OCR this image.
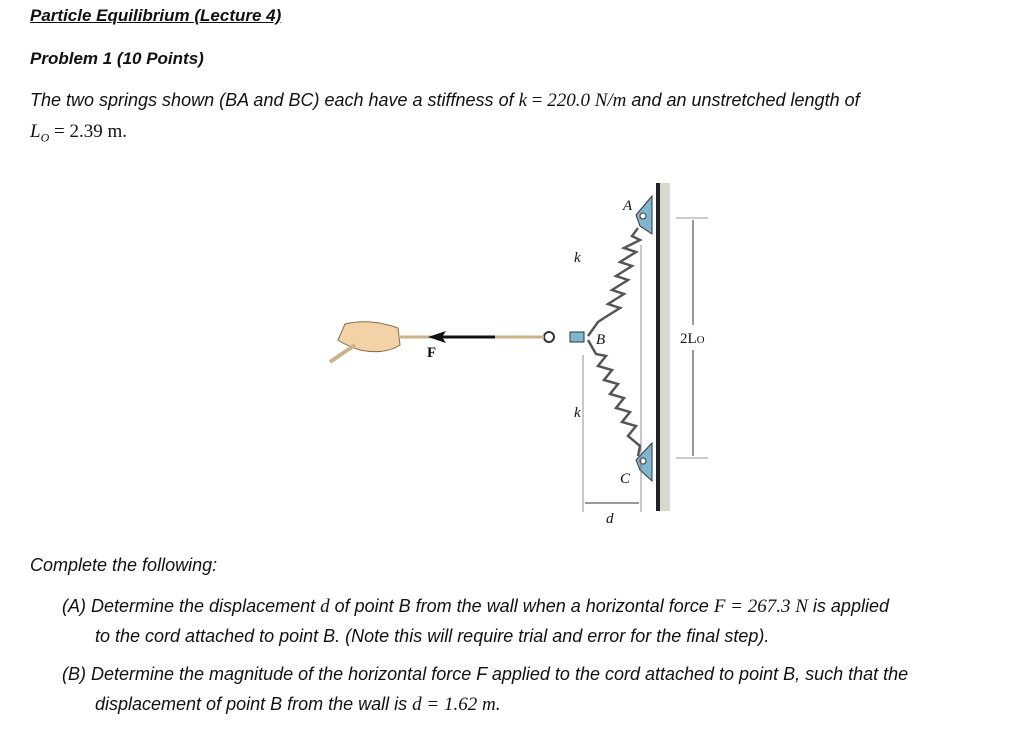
Particle Equilibrium (Lecture 4)
Problem 1 (10 Points)
The two springs shown (BA and BC) each have a stiffness of k = 220.0 N/m and an unstretched length of
$L_O = 2.39$ m.
A
B
C
k
k
d
2LO
F
Complete the following:
(A) Determine the displacement d of point B from the wall when a horizontal force F = 267.3 N is applied
to the cord attached to point B. (Note this will require trial and error for the final step).
(B) Determine the magnitude of the horizontal force F applied to the cord attached to point B, such that the
displacement of point B from the wall is d = 1.62 m.
